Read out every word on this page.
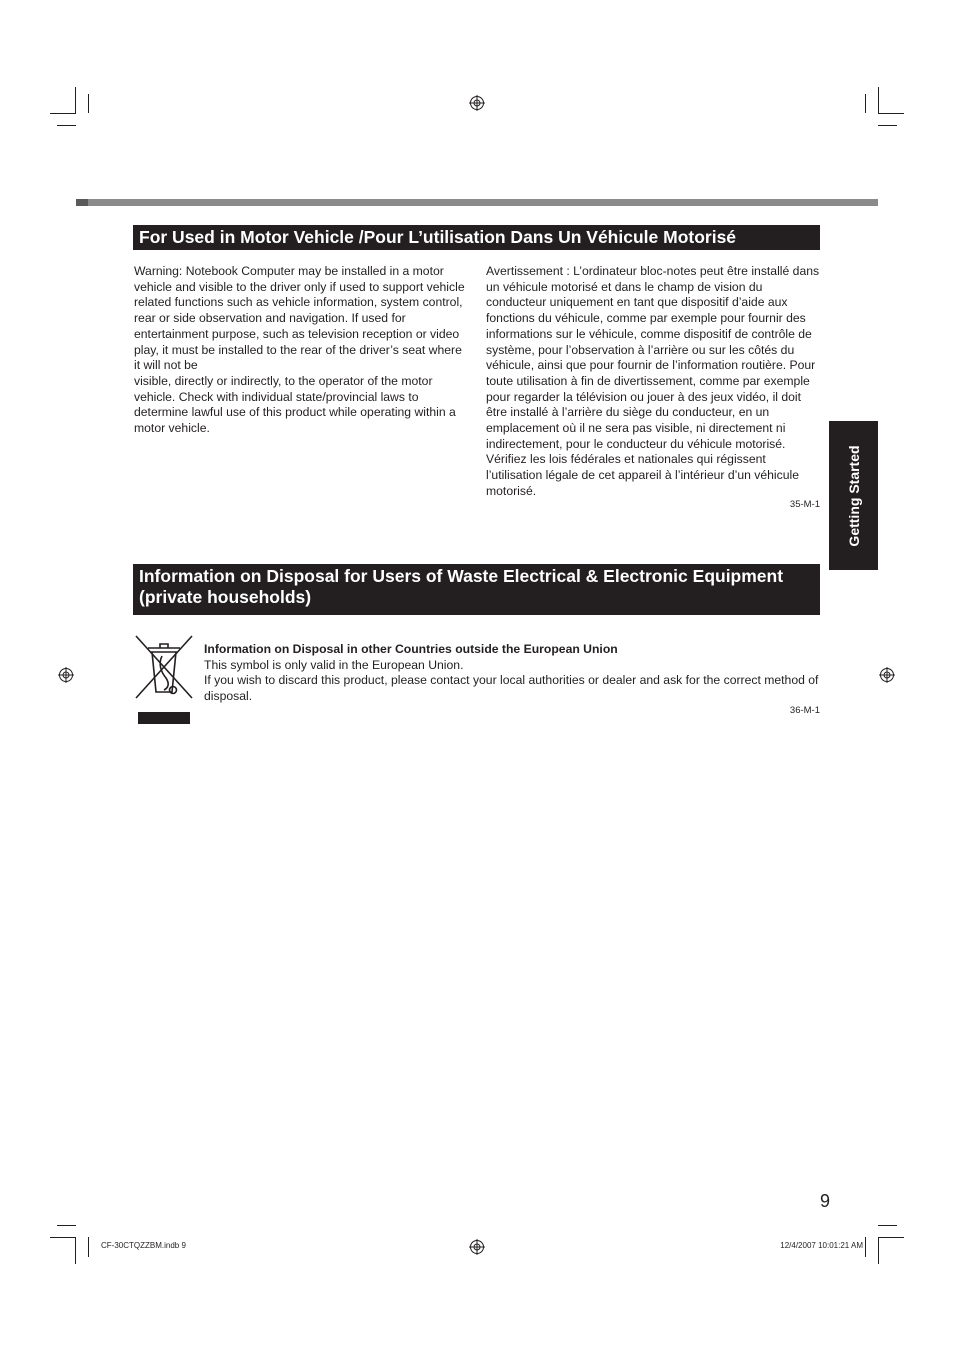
For Used in Motor Vehicle /Pour L’utilisation Dans Un Véhicule Motorisé

Warning: Notebook Computer may be installed in a motor vehicle and visible to the driver only if used to support vehicle related functions such as vehicle information, system control, rear or side observation and navigation. If used for entertainment purpose, such as television reception or video play, it must be installed to the rear of the driver’s seat where it will not be

visible, directly or indirectly, to the operator of the motor vehicle. Check with individual state/provincial laws to determine lawful use of this product while operating within a motor vehicle.

Avertissement : L’ordinateur bloc-notes peut être installé dans un véhicule motorisé et dans le champ de vision du conducteur uniquement en tant que dispositif d’aide aux fonctions du véhicule, comme par exemple pour fournir des informations sur le véhicule, comme dispositif de contrôle de système, pour l’observation à l’arrière ou sur les côtés du véhicule, ainsi que pour fournir de l’information routière. Pour toute utilisation à fin de divertissement, comme par exemple pour regarder la télévision ou jouer à des jeux vidéo, il doit être installé à l’arrière du siège du conducteur, en un emplacement où il ne sera pas visible, ni directement ni indirectement, pour le conducteur du véhicule motorisé. Vérifiez les lois fédérales et nationales qui régissent l’utilisation légale de cet appareil à l’intérieur d’un véhicule motorisé.

35-M-1 Getting Started
Information on Disposal for Users of Waste Electrical & Electronic Equipment
(private households)
Information on Disposal in other Countries outside the European Union
This symbol is only valid in the European Union.
If you wish to discard this product, please contact your local authorities or dealer and ask for the correct method of disposal.
36-M-1
9
CF-30CTQZZBM.indb 9	12/4/2007 10:01:21 AM
